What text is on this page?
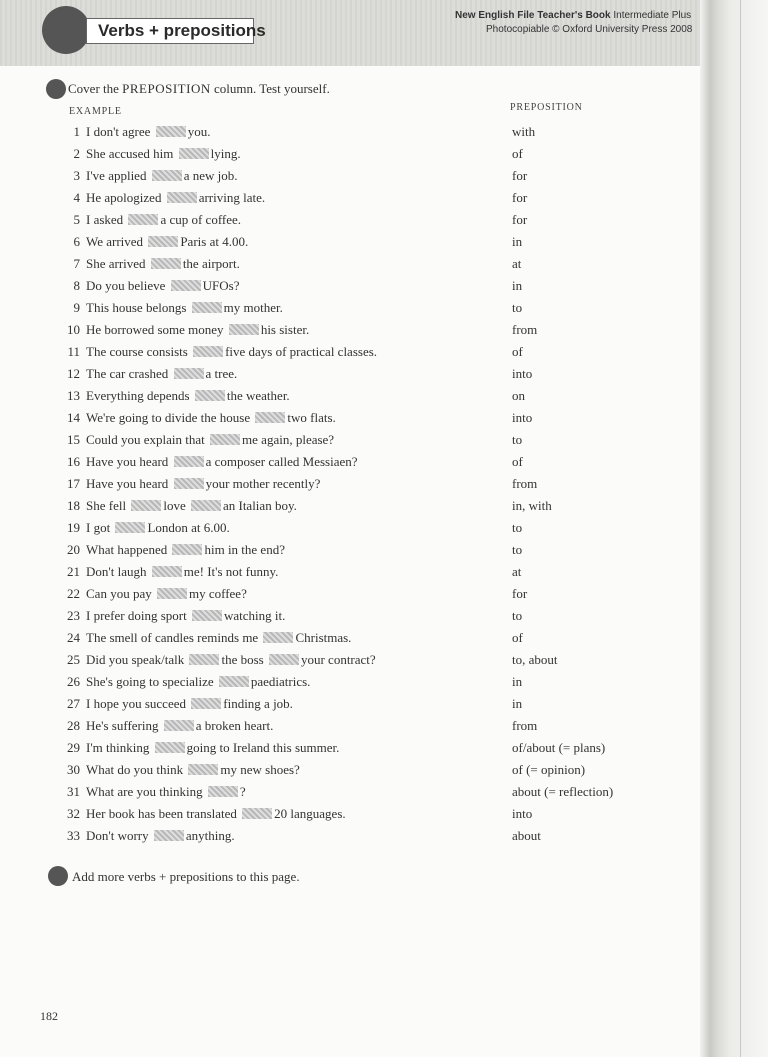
Verbs + prepositions
New English File Teacher's Book Intermediate Plus
Photocopiable © Oxford University Press 2008
Cover the PREPOSITION column. Test yourself.
EXAMPLE	PREPOSITION
1 I don't agree	you.	with
2 She accused him	lying.	of
3 I've applied	a new job.	for
4 He apologized	arriving late.	for
5 I asked	a cup of coffee.	for
6 We arrived	Paris at 4.00.	in
7 She arrived	the airport.	at
8 Do you believe	UFOs?	in
9 This house belongs	my mother.	to
10 He borrowed some money	his sister.	from
11 The course consists	five days of practical classes.	of
12 The car crashed	a tree.	into
13 Everything depends	the weather.	on
14 We're going to divide the house	two flats.	into
15 Could you explain that	me again, please?	to
16 Have you heard	a composer called Messiaen?	of
17 Have you heard	your mother recently?	from
18 She fell	love	an Italian boy.	in, with
19 I got	London at 6.00.	to
20 What happened	him in the end?	to
21 Don't laugh	me! It's not funny.	at
22 Can you pay	my coffee?	for
23 I prefer doing sport	watching it.	to
24 The smell of candles reminds me	Christmas.	of
25 Did you speak/talk	the boss	your contract?	to, about
26 She's going to specialize	paediatrics.	in
27 I hope you succeed	finding a job.	in
28 He's suffering	a broken heart.	from
29 I'm thinking	going to Ireland this summer.	of/about (= plans)
30 What do you think	my new shoes?	of (= opinion)
31 What are you thinking	?	about (= reflection)
32 Her book has been translated	20 languages.	into
33 Don't worry	anything.	about
Add more verbs + prepositions to this page.
182
